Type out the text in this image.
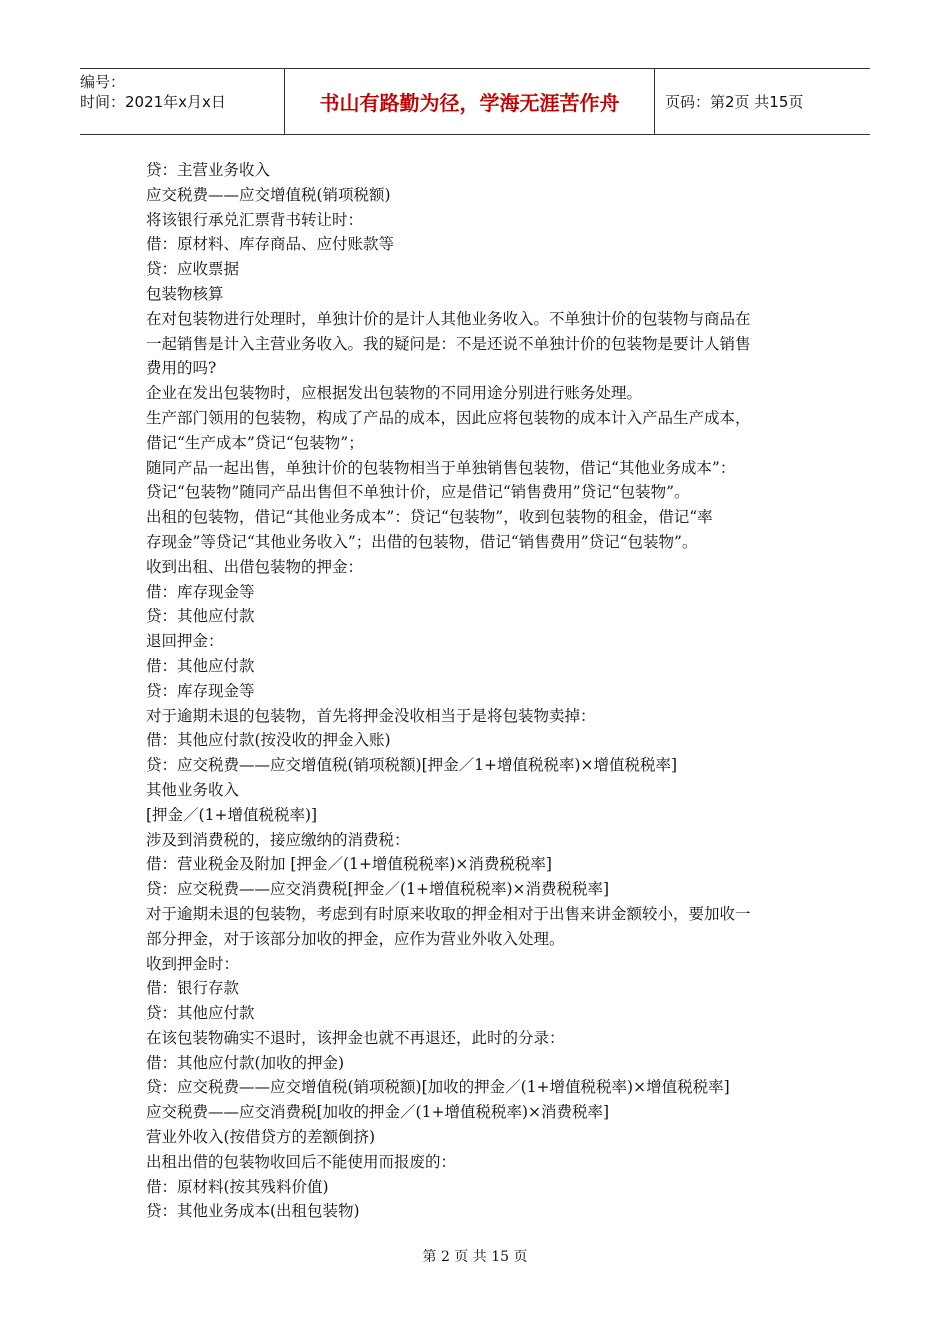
编号：
时间：2021年x月x日	书山有路勤为径，学海无涯苦作舟	页码：第2页 共15页
贷：主营业务收入
应交税费——应交增值税(销项税额)
将该银行承兑汇票背书转让时：
借：原材料、库存商品、应付账款等
贷：应收票据
包装物核算
在对包装物进行处理时，单独计价的是计人其他业务收入。不单独计价的包装物与商品在
一起销售是计入主营业务收入。我的疑问是：不是还说不单独计价的包装物是要计人销售
费用的吗?
企业在发出包装物时，应根据发出包装物的不同用途分别进行账务处理。
生产部门领用的包装物，构成了产品的成本，因此应将包装物的成本计入产品生产成本，
借记“生产成本”贷记“包装物”；
随同产品一起出售，单独计价的包装物相当于单独销售包装物，借记“其他业务成本”：
贷记“包装物”随同产品出售但不单独计价，应是借记“销售费用”贷记“包装物”。
出租的包装物，借记“其他业务成本”：贷记“包装物”，收到包装物的租金，借记“率
存现金”等贷记“其他业务收入”；出借的包装物，借记“销售费用”贷记“包装物”。
收到出租、出借包装物的押金：
借：库存现金等
贷：其他应付款
退回押金：
借：其他应付款
贷：库存现金等
对于逾期未退的包装物，首先将押金没收相当于是将包装物卖掉：
借：其他应付款(按没收的押金入账)
贷：应交税费——应交增值税(销项税额)[押金／1+增值税税率)×增值税税率]
其他业务收入
[押金／(1+增值税税率)]
涉及到消费税的，接应缴纳的消费税：
借：营业税金及附加 [押金／(1+增值税税率)×消费税税率]
贷：应交税费——应交消费税[押金／(1+增值税税率)×消费税税率]
对于逾期未退的包装物，考虑到有时原来收取的押金相对于出售来讲金额较小，要加收一
部分押金，对于该部分加收的押金，应作为营业外收入处理。
收到押金时：
借：银行存款
贷：其他应付款
在该包装物确实不退时，该押金也就不再退还，此时的分录：
借：其他应付款(加收的押金)
贷：应交税费——应交增值税(销项税额)[加收的押金／(1+增值税税率)×增值税税率]
应交税费——应交消费税[加收的押金／(1+增值税税率)×消费税率]
营业外收入(按借贷方的差额倒挤)
出租出借的包装物收回后不能使用而报废的：
借：原材料(按其残料价值)
贷：其他业务成本(出租包装物)
第 2 页 共 15 页
